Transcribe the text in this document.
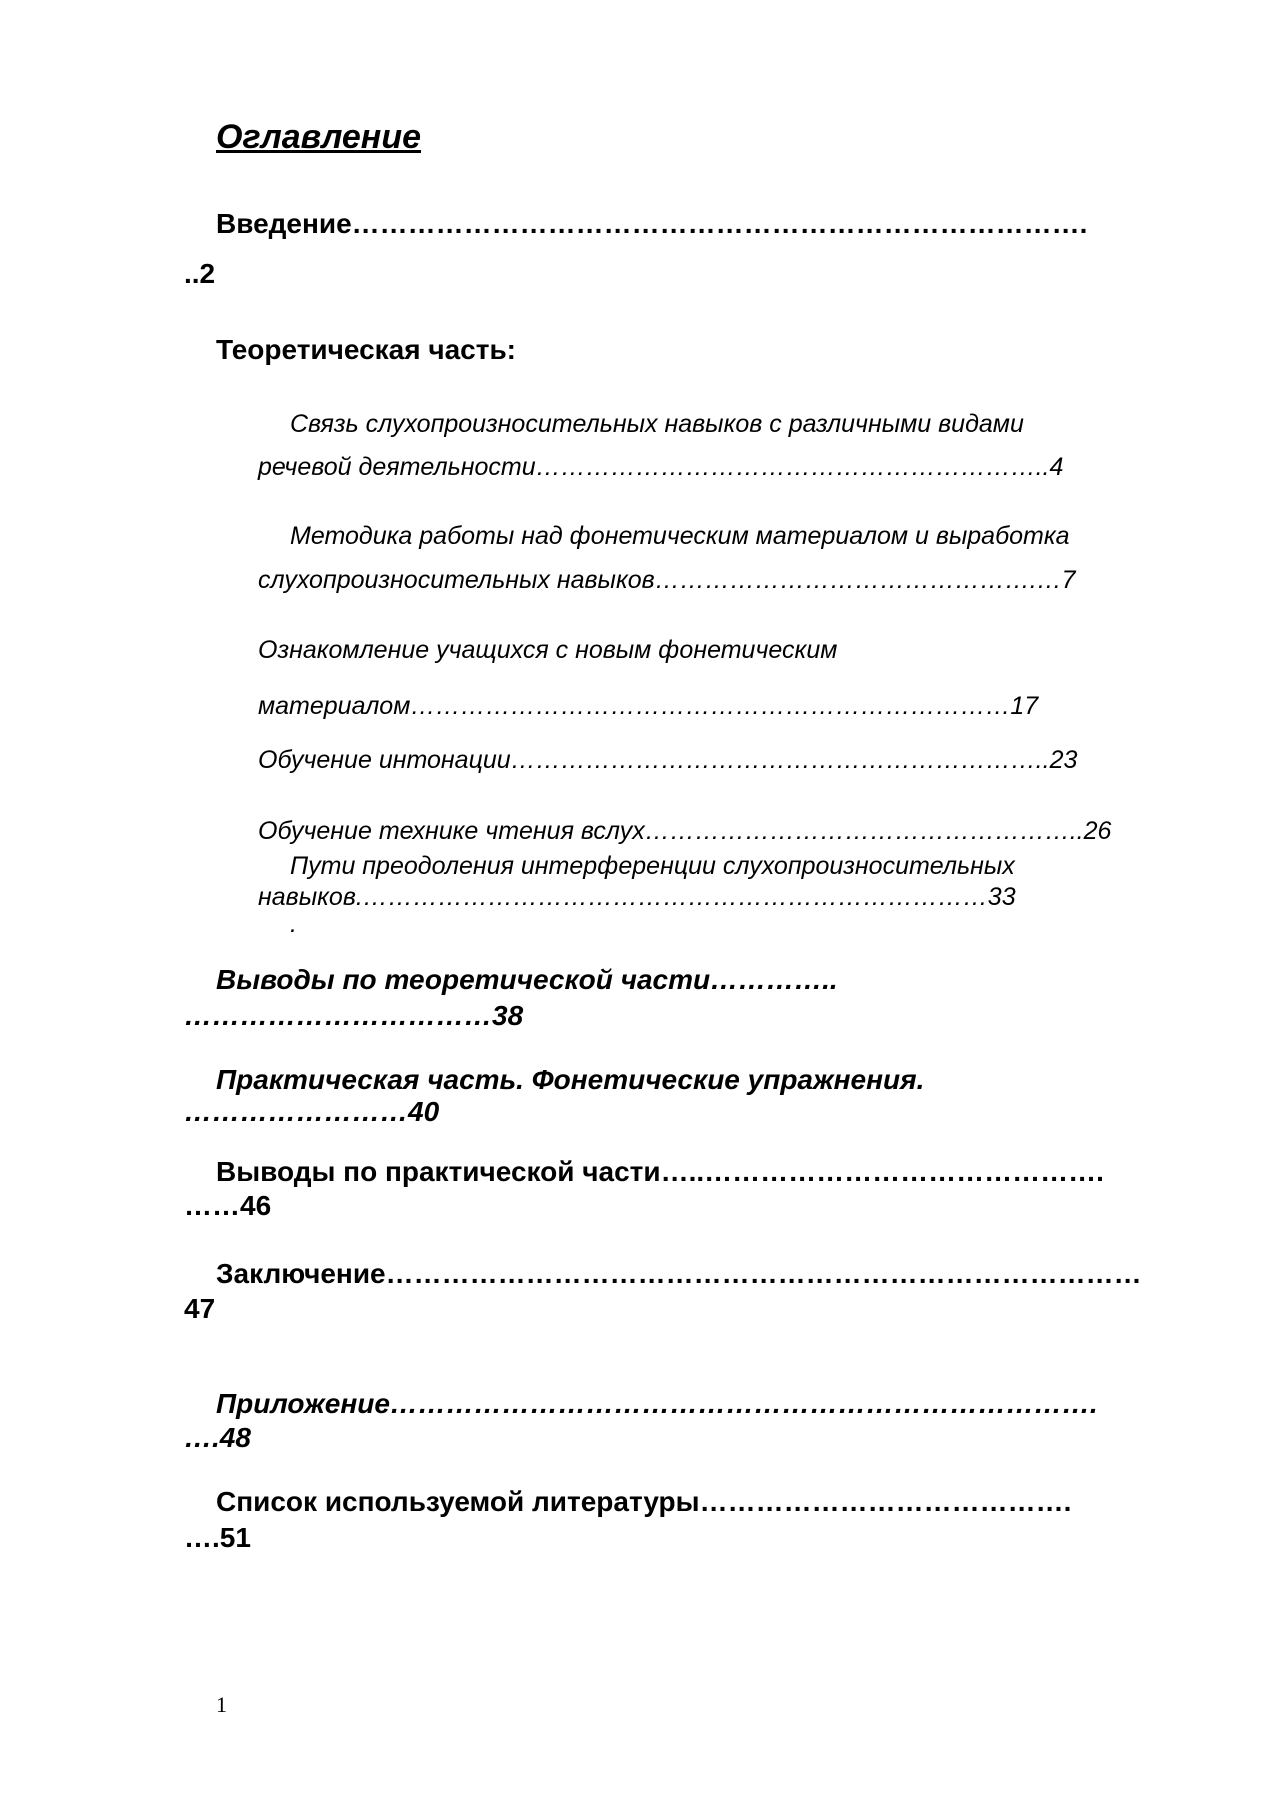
Оглавление
Введение…………………………………………………………………….
..2
Теоретическая часть:
Связь слухопроизносительных навыков с различными видами
речевой деятельности……………………………………………………..4
Методика работы над фонетическим материалом и выработка
слухопроизносительных навыков……………………………………….…7
Ознакомление учащихся с новым фонетическим
материалом………………………………………………………………17
Обучение интонации………………………………………………………..23
Обучение технике чтения вслух……………………………………………..26
Пути преодоления интерференции слухопроизносительных
навыков.…………………………………………………………………33
.
Выводы по теоретической части…………..
……………………………38
Практическая часть. Фонетические упражнения.
……………………40
Выводы по практической части…..…………………………………….
……46
Заключение………………………………………………………………………
47
Приложение………………………………………………………………….
….48
Список используемой литературы………………………………….
….51
1
